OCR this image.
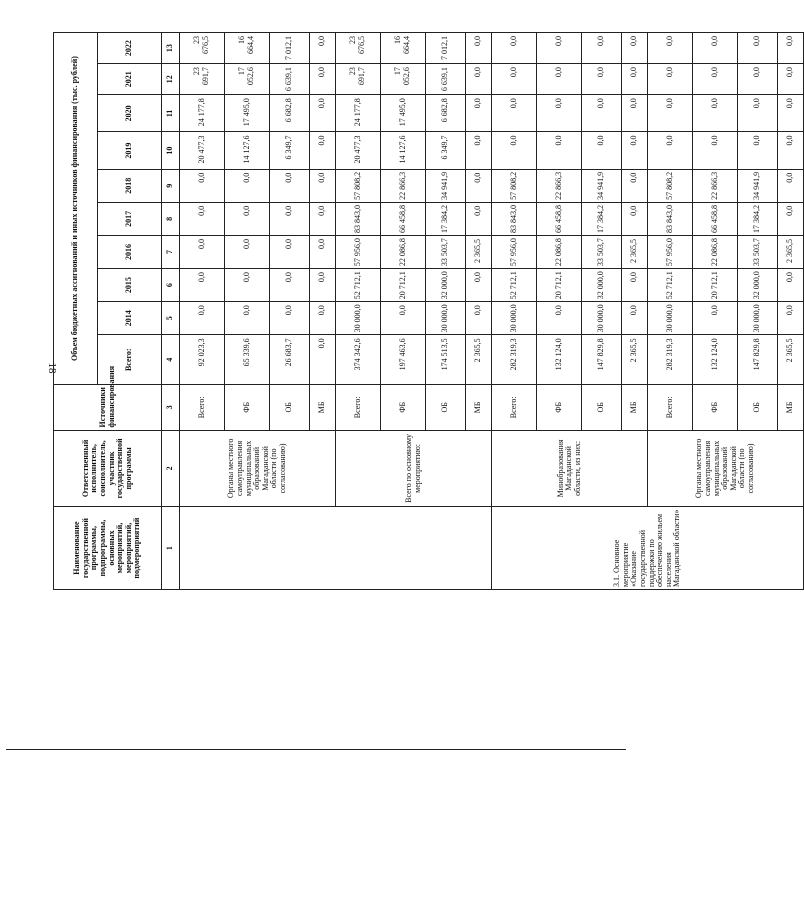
18
Наименование государственной программы, подпрограммы, основных мероприятий, мероприятий, подмероприятий	Ответственный исполнитель, соисполнитель, участник государственной программы	Источники финансирования	Объем бюджетных ассигнований и иных источников финансирования (тыс. рублей)									
			Всего:	2014	2015	2016	2017	2018	2019	2020	2021	2022
1	2	3	4	5	6	7	8	9	10	11	12	13
	Органы местного самоуправления муниципальных образований Магаданской области (по согласованию)	Всего:	92 023,3	0,0	0,0	0,0	0,0	0,0	20 477,3	24 177,8	23 691,7	23 676,5
		ФБ	65 339,6	0,0	0,0	0,0	0,0	0,0	14 127,6	17 495,0	17 052,6	16 664,4
		ОБ	26 683,7	0,0	0,0	0,0	0,0	0,0	6 349,7	6 682,8	6 639,1	7 012,1
		МБ	0,0	0,0	0,0	0,0	0,0	0,0	0,0	0,0	0,0	0,0
	Всего по основному мероприятию:	Всего:	374 342,6	30 000,0	52 712,1	57 956,0	83 843,0	57 808,2	20 477,3	24 177,8	23 691,7	23 676,5
		ФБ	197 463,6	0,0	20 712,1	22 086,8	66 458,8	22 866,3	14 127,6	17 495,0	17 052,6	16 664,4
		ОБ	174 513,5	30 000,0	32 000,0	33 503,7	17 384,2	34 941,9	6 349,7	6 682,8	6 639,1	7 012,1
		МБ	2 365,5	0,0	0,0	2 365,5	0,0	0,0	0,0	0,0	0,0	0,0
3.1. Основное мероприятие «Оказание государственной поддержки по обеспечению жильем населения Магаданской области»	Минобразования Магаданской области, из них:	Всего:	282 319,3	30 000,0	52 712,1	57 956,0	83 843,0	57 808,2	0,0	0,0	0,0	0,0
		ФБ	132 124,0	0,0	20 712,1	22 086,8	66 458,8	22 866,3	0,0	0,0	0,0	0,0
		ОБ	147 829,8	30 000,0	32 000,0	33 503,7	17 384,2	34 941,9	0,0	0,0	0,0	0,0
		МБ	2 365,5	0,0	0,0	2 365,5	0,0	0,0	0,0	0,0	0,0	0,0
	Органы местного самоуправления муниципальных образований Магаданской области (по согласованию)	Всего:	282 319,3	30 000,0	52 712,1	57 956,0	83 843,0	57 808,2	0,0	0,0	0,0	0,0
		ФБ	132 124,0	0,0	20 712,1	22 086,8	66 458,8	22 866,3	0,0	0,0	0,0	0,0
		ОБ	147 829,8	30 000,0	32 000,0	33 503,7	17 384,2	34 941,9	0,0	0,0	0,0	0,0
		МБ	2 365,5	0,0	0,0	2 365,5	0,0	0,0	0,0	0,0	0,0	0,0
